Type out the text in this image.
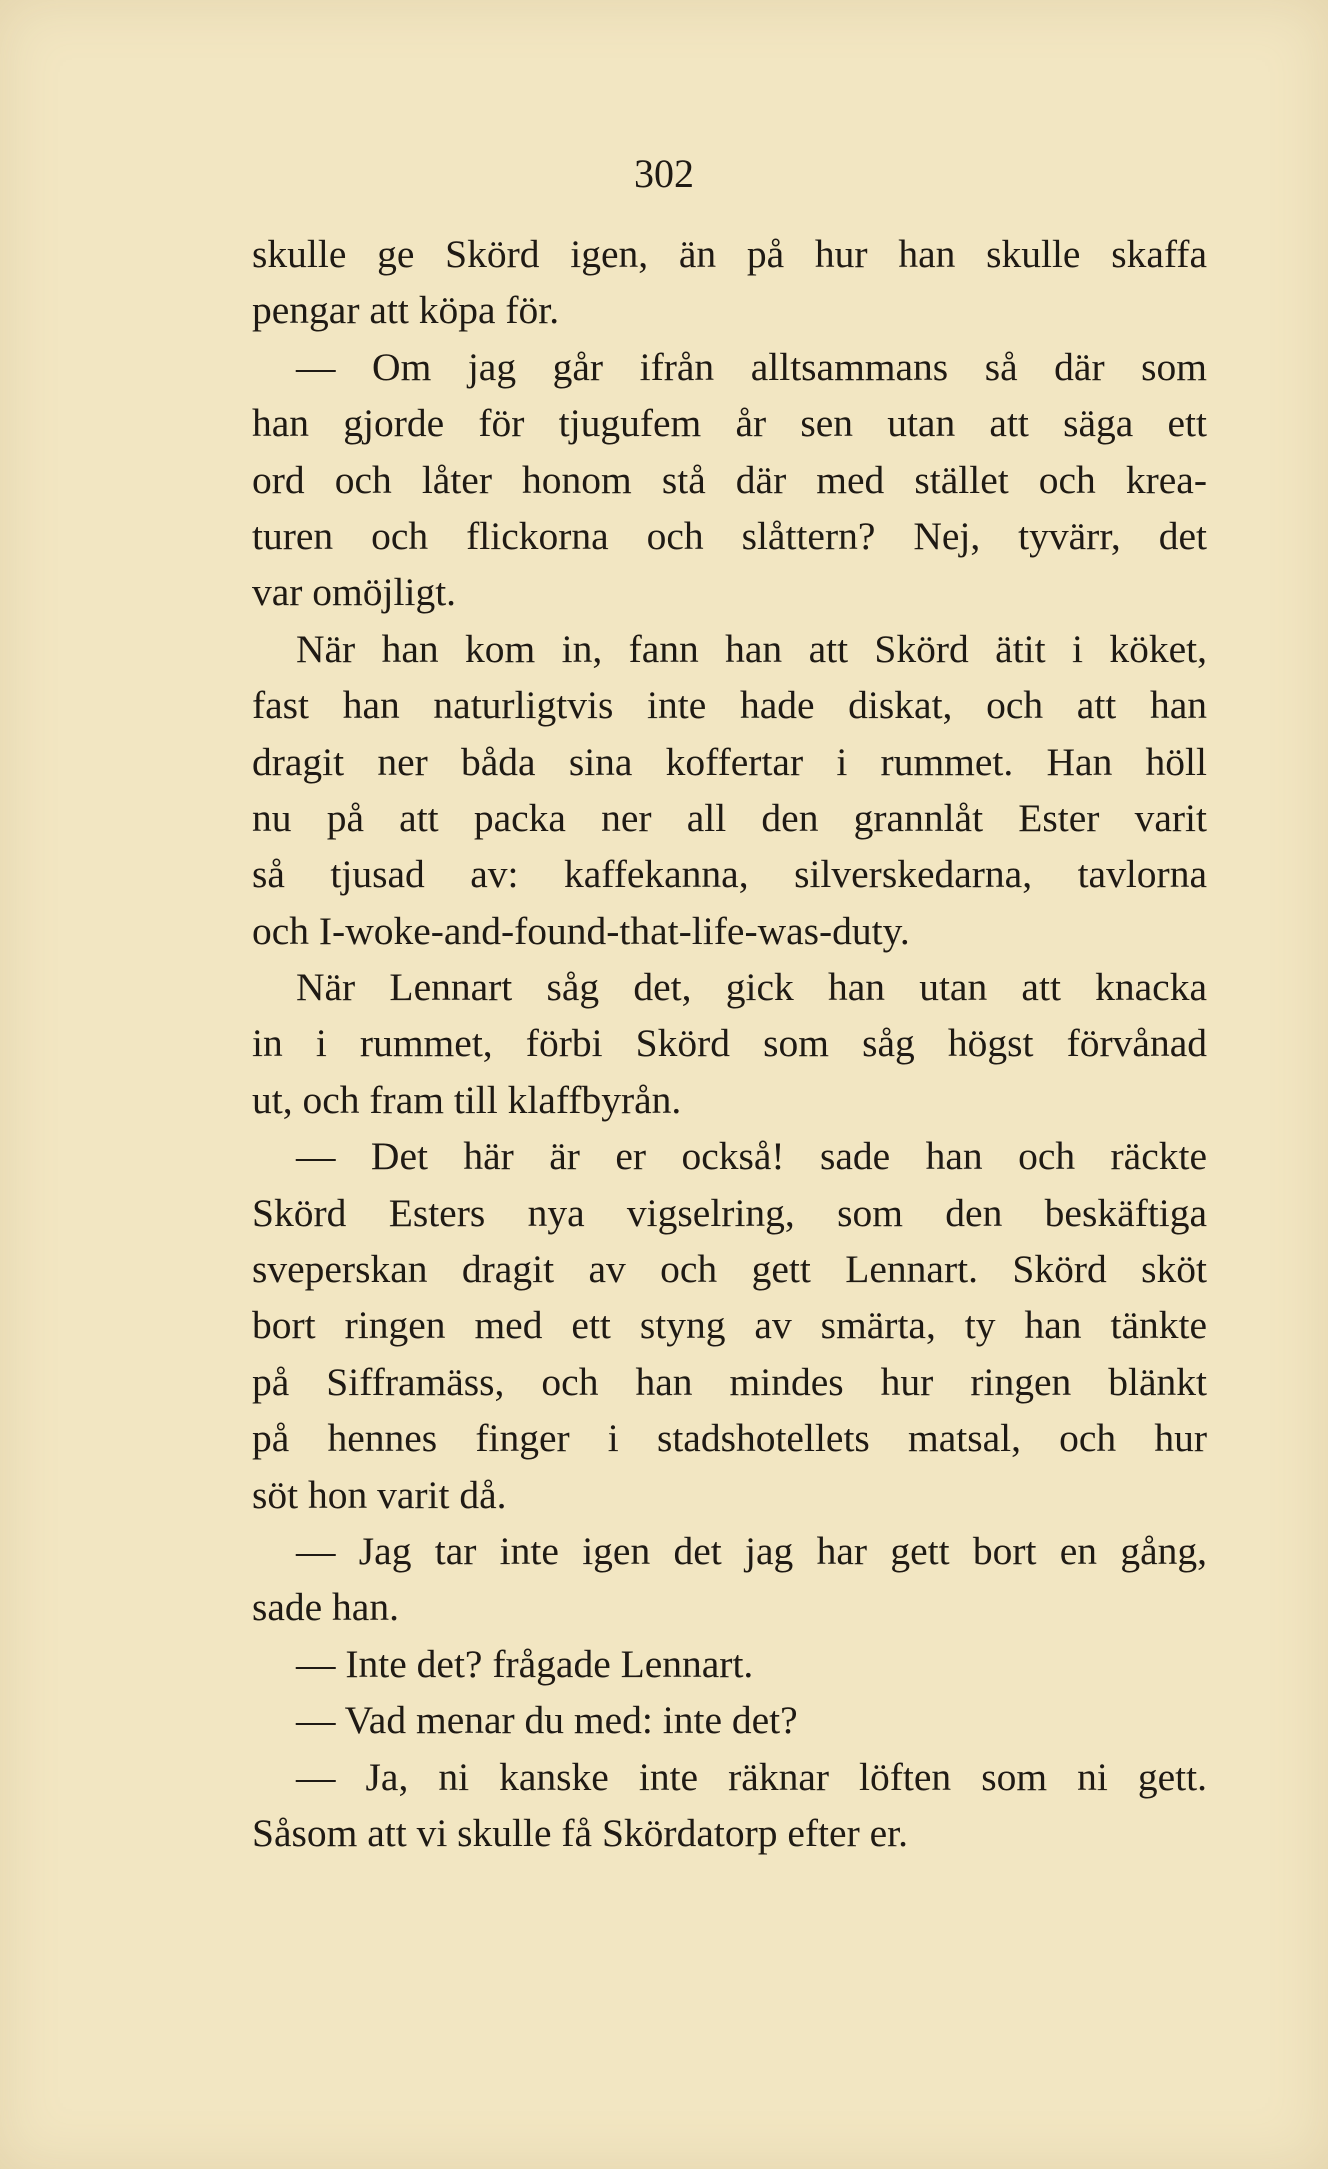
302
skulle ge Skörd igen, än på hur han skulle skaffa
pengar att köpa för.
— Om jag går ifrån alltsammans så där som
han gjorde för tjugufem år sen utan att säga ett
ord och låter honom stå där med stället och krea-
turen och flickorna och slåttern? Nej, tyvärr, det
var omöjligt.
När han kom in, fann han att Skörd ätit i köket,
fast han naturligtvis inte hade diskat, och att han
dragit ner båda sina koffertar i rummet. Han höll
nu på att packa ner all den grannlåt Ester varit
så tjusad av: kaffekanna, silverskedarna, tavlorna
och I-woke-and-found-that-life-was-duty.
När Lennart såg det, gick han utan att knacka
in i rummet, förbi Skörd som såg högst förvånad
ut, och fram till klaffbyrån.
— Det här är er också! sade han och räckte
Skörd Esters nya vigselring, som den beskäftiga
sveperskan dragit av och gett Lennart. Skörd sköt
bort ringen med ett styng av smärta, ty han tänkte
på Sifframäss, och han mindes hur ringen blänkt
på hennes finger i stadshotellets matsal, och hur
söt hon varit då.
— Jag tar inte igen det jag har gett bort en gång,
sade han.
— Inte det? frågade Lennart.
— Vad menar du med: inte det?
— Ja, ni kanske inte räknar löften som ni gett.
Såsom att vi skulle få Skördatorp efter er.
